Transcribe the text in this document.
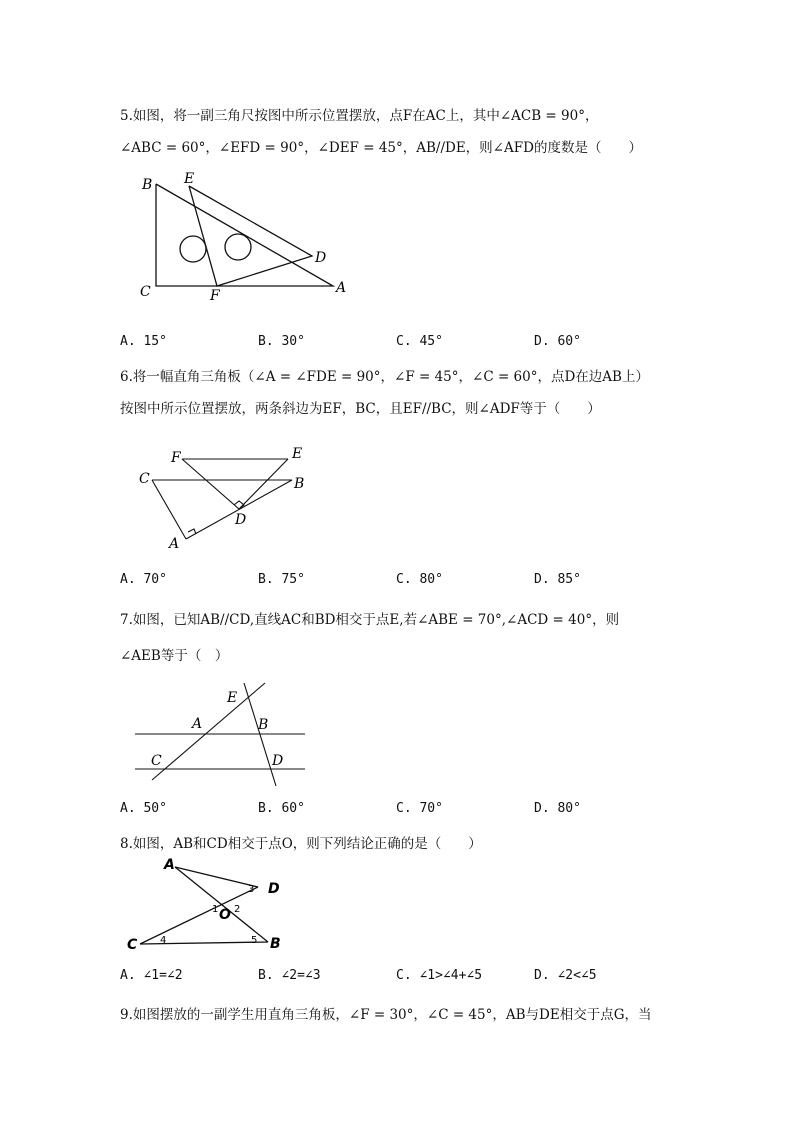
5.如图，将一副三角尺按图中所示位置摆放，点F在AC上，其中∠ACB = 90°，
∠ABC = 60°，∠EFD = 90°，∠DEF = 45°，AB//DE，则∠AFD的度数是（　　）
B E
D
C	F	A
A. 15°	B. 30°	C. 45°	D. 60°
6.将一幅直角三角板（∠A = ∠FDE = 90°，∠F = 45°，∠C = 60°，点D在边AB上）
按图中所示位置摆放，两条斜边为EF，BC，且EF//BC，则∠ADF等于（　　）
F	E
C	B
D
A
A. 70°	B. 75°	C. 80°	D. 85°
7.如图，已知AB//CD,直线AC和BD相交于点E,若∠ABE = 70°,∠ACD = 40°，则
∠AEB等于（　）
E
A	B
C	D
A. 50°	B. 60°	C. 70°	D. 80°
8.如图，AB和CD相交于点O，则下列结论正确的是（　　）
A
D
O
C	B
1 2
3
4	5
A. ∠1=∠2	B. ∠2=∠3	C. ∠1>∠4+∠5	D. ∠2<∠5
9.如图摆放的一副学生用直角三角板，∠F = 30°，∠C = 45°，AB与DE相交于点G，当
